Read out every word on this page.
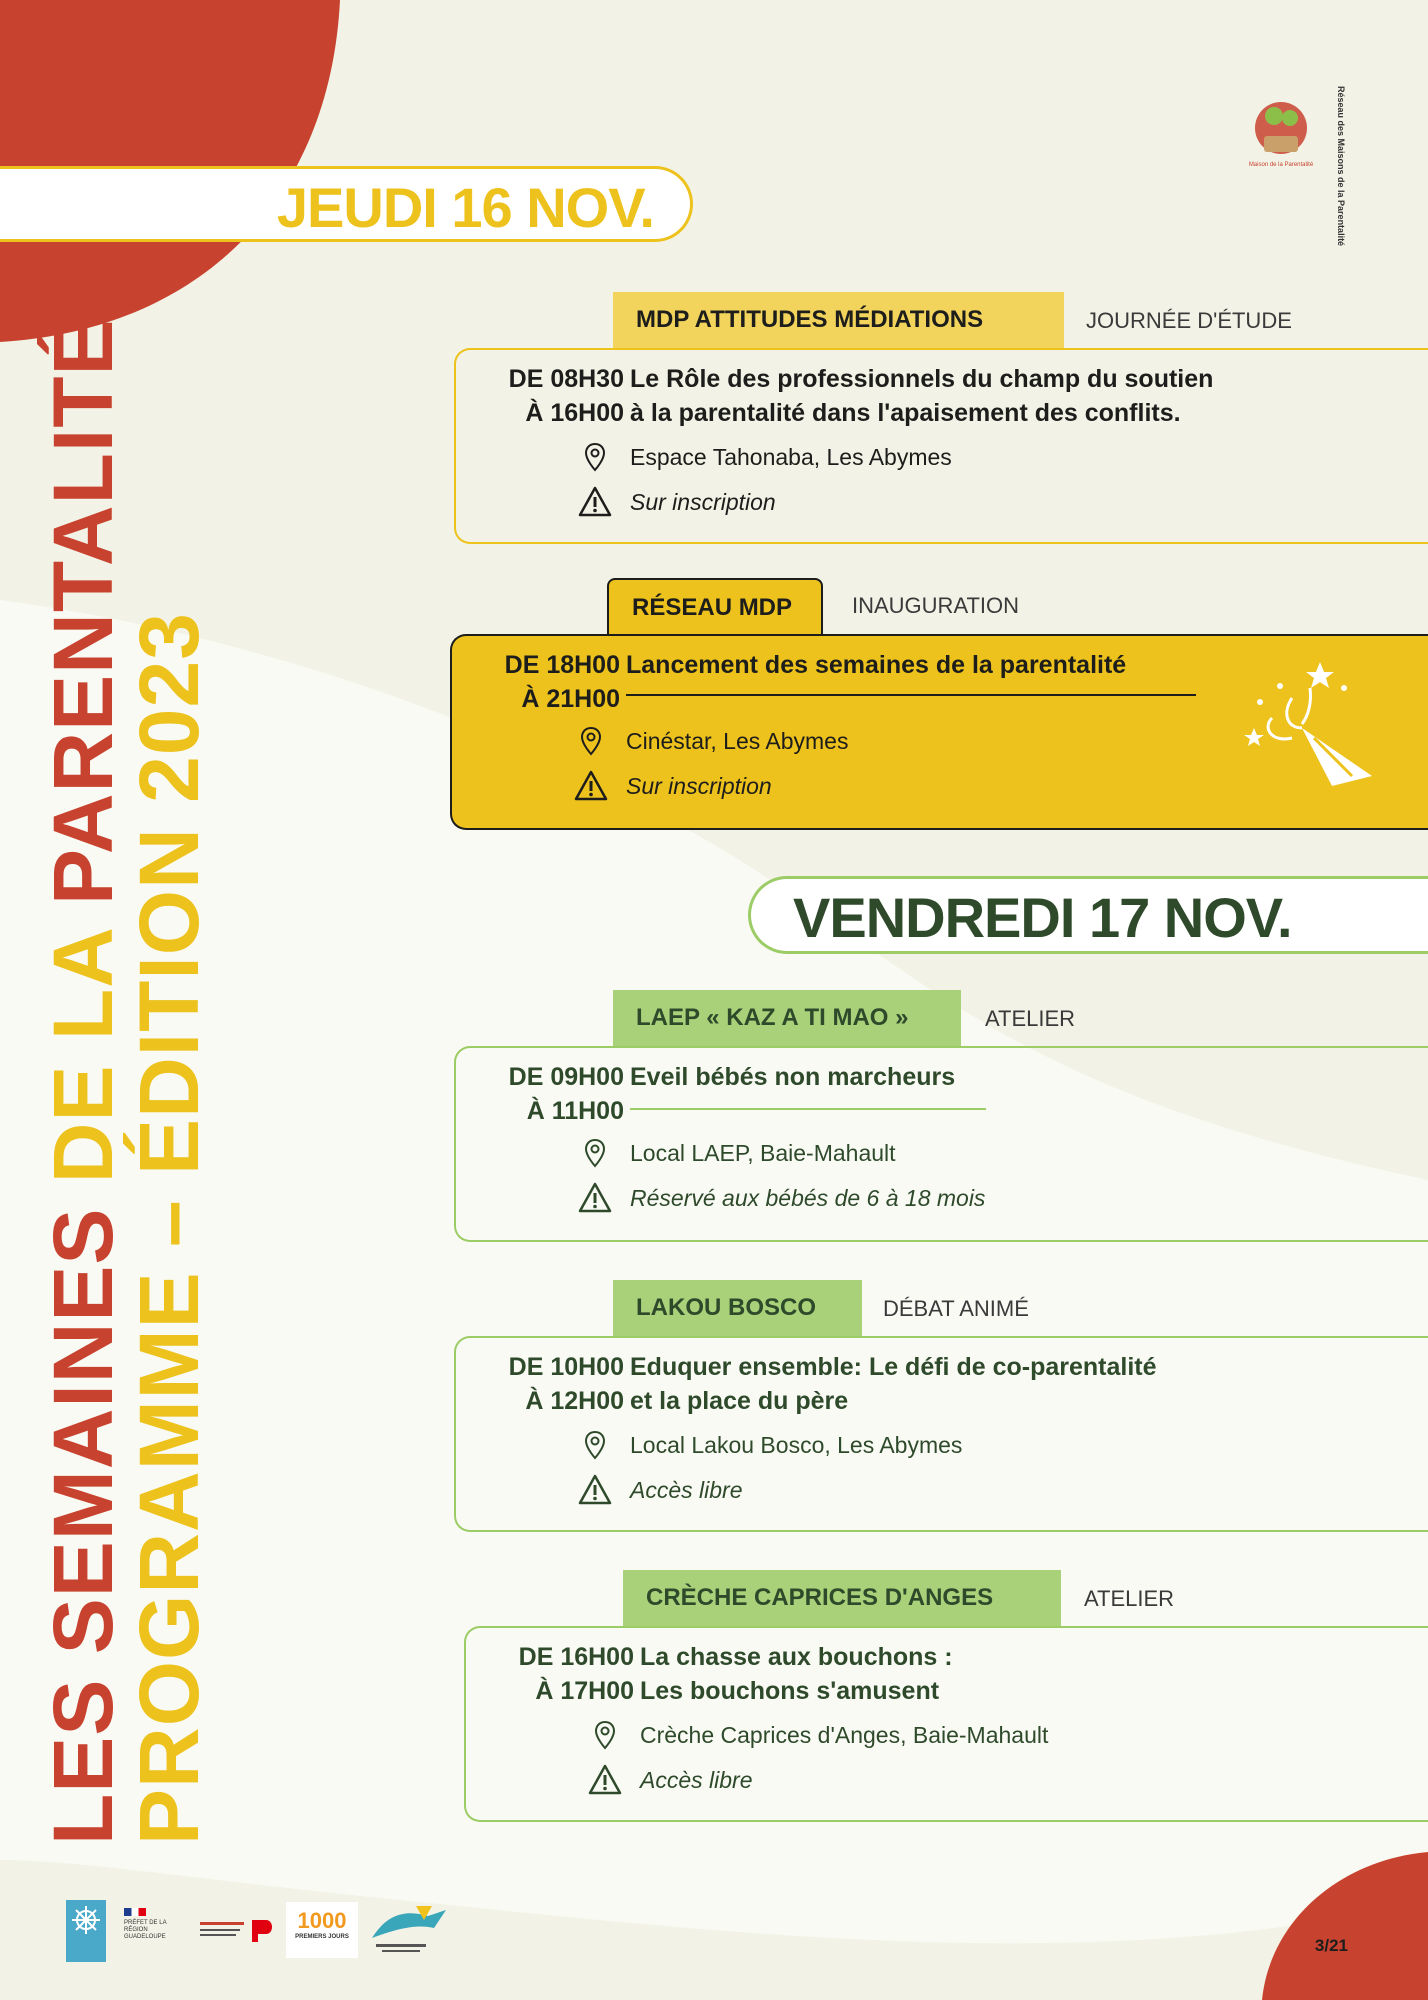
Réseau des Maisons de la Parentalité
Maison de la Parentalité
LES SEMAINES DE LA PARENTALITÉ
PROGRAMME – ÉDITION 2023
JEUDI 16 NOV.
MDP ATTITUDES MÉDIATIONS	JOURNÉE D'ÉTUDE
DE 08H30
À 16H00
Le Rôle des professionnels du champ du soutien
à la parentalité dans l'apaisement des conflits.
Espace Tahonaba, Les Abymes
Sur inscription
RÉSEAU MDP	INAUGURATION
DE 18H00
À 21H00
Lancement des semaines de la parentalité
Cinéstar, Les Abymes
Sur inscription
VENDREDI 17 NOV.
LAEP « KAZ A TI MAO »	ATELIER
DE 09H00
À 11H00
Eveil bébés non marcheurs
Local LAEP, Baie-Mahault
Réservé aux bébés de 6 à 18 mois
LAKOU BOSCO	DÉBAT ANIMÉ
DE 10H00
À 12H00
Eduquer ensemble: Le défi de co-parentalité
et la place du père
Local Lakou Bosco, Les Abymes
Accès libre
CRÈCHE CAPRICES D'ANGES	ATELIER
DE 16H00
À 17H00
La chasse aux bouchons :
Les bouchons s'amusent
Crèche Caprices d'Anges, Baie-Mahault
Accès libre
PRÉFET DE LA RÉGION GUADELOUPE
1000
PREMIERS JOURS	3/21
